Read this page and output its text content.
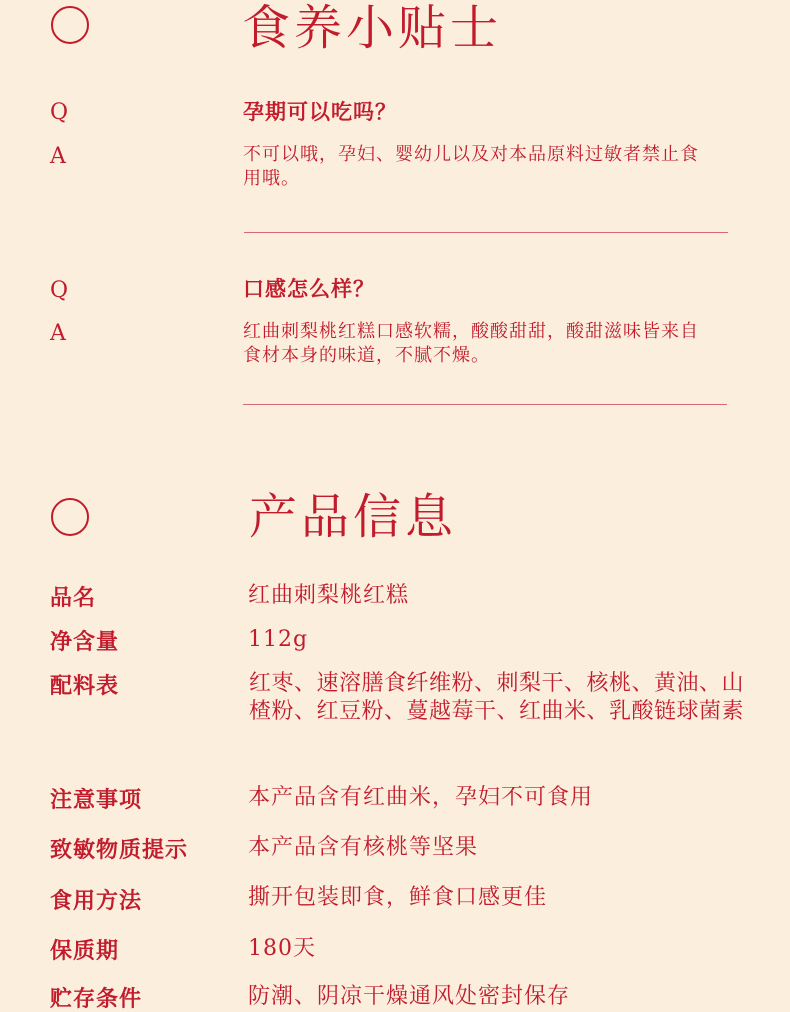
食养小贴士
Q	孕期可以吃吗？
A	不可以哦，孕妇、婴幼儿以及对本品原料过敏者禁止食用哦。
Q	口感怎么样？
A	红曲刺梨桃红糕口感软糯，酸酸甜甜，酸甜滋味皆来自食材本身的味道，不腻不燥。
产品信息
品名	红曲刺梨桃红糕
净含量	112g
配料表	红枣、速溶膳食纤维粉、刺梨干、核桃、黄油、山楂粉、红豆粉、蔓越莓干、红曲米、乳酸链球菌素
注意事项	本产品含有红曲米，孕妇不可食用
致敏物质提示	本产品含有核桃等坚果
食用方法	撕开包装即食，鲜食口感更佳
保质期	180天
贮存条件	防潮、阴凉干燥通风处密封保存
